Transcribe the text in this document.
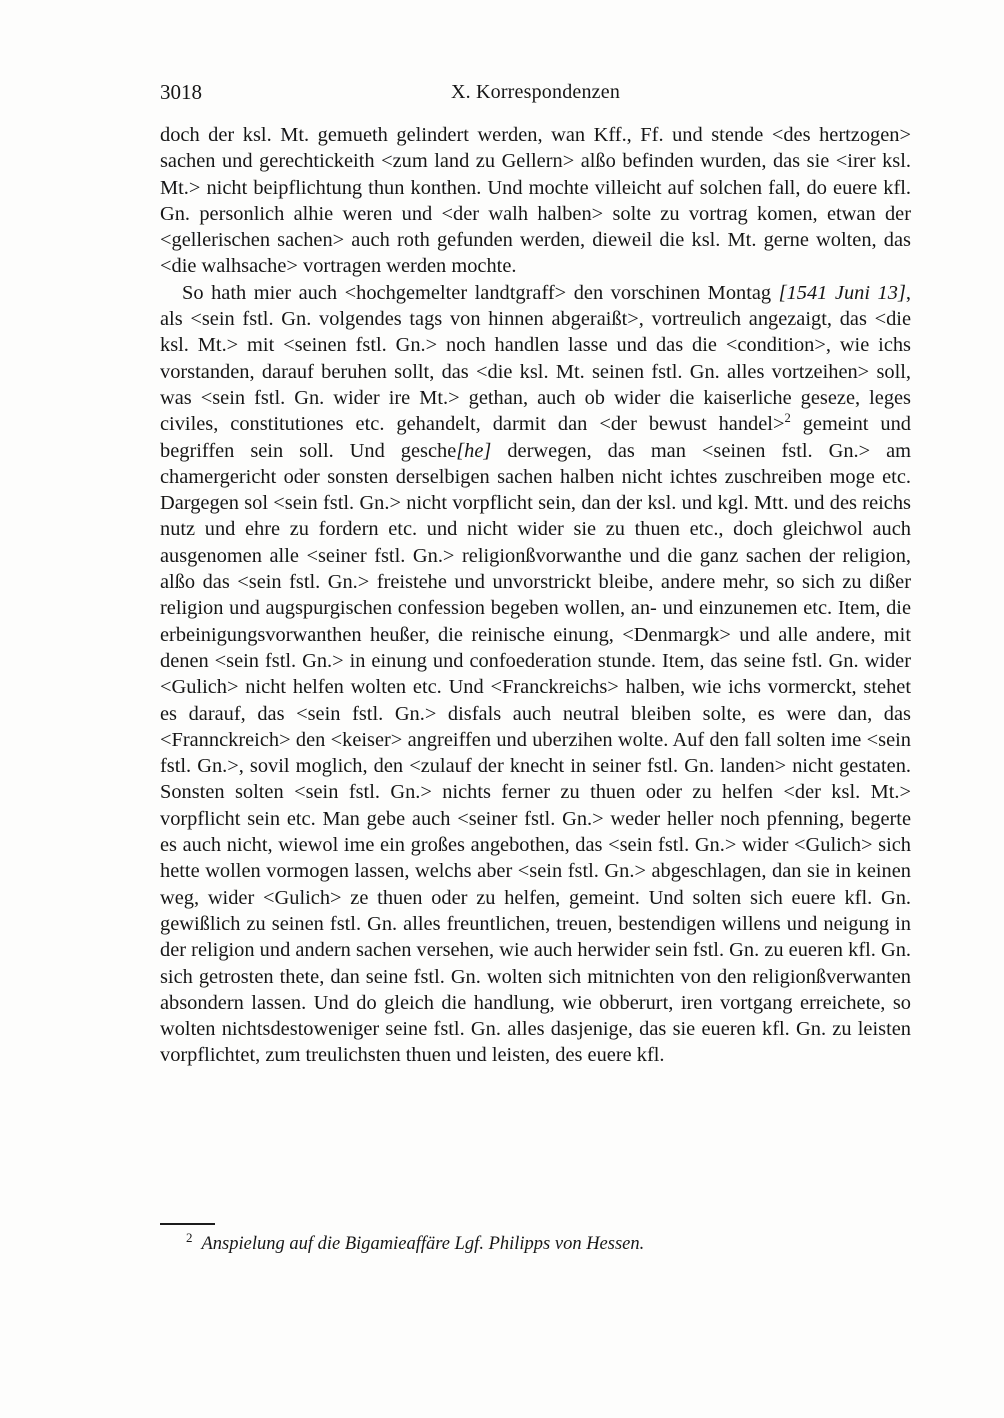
3018	X. Korrespondenzen

doch der ksl. Mt. gemueth gelindert werden, wan Kff., Ff. und stende <des hertzogen> sachen und gerechtickeith <zum land zu Gellern> alßo befinden wurden, das sie <irer ksl. Mt.> nicht beipflichtung thun konthen. Und mochte villeicht auf solchen fall, do euere kfl. Gn. personlich alhie weren und <der walh halben> solte zu vortrag komen, etwan der <gellerischen sachen> auch roth gefunden werden, dieweil die ksl. Mt. gerne wolten, das <die walhsache> vortragen werden mochte.

So hath mier auch <hochgemelter landtgraff> den vorschinen Montag [1541 Juni 13], als <sein fstl. Gn. volgendes tags von hinnen abgeraißt>, vortreulich angezaigt, das <die ksl. Mt.> mit <seinen fstl. Gn.> noch handlen lasse und das die <condition>, wie ichs vorstanden, darauf beruhen sollt, das <die ksl. Mt. seinen fstl. Gn. alles vortzeihen> soll, was <sein fstl. Gn. wider ire Mt.> gethan, auch ob wider die kaiserliche geseze, leges civiles, constitutiones etc. gehandelt, darmit dan <der bewust handel>$^2$ gemeint und begriffen sein soll. Und gesche[he] derwegen, das man <seinen fstl. Gn.> am chamergericht oder sonsten derselbigen sachen halben nicht ichtes zuschreiben moge etc. Dargegen sol <sein fstl. Gn.> nicht vorpflicht sein, dan der ksl. und kgl. Mtt. und des reichs nutz und ehre zu fordern etc. und nicht wider sie zu thuen etc., doch gleichwol auch ausgenomen alle <seiner fstl. Gn.> religionßvorwanthe und die ganz sachen der religion, alßo das <sein fstl. Gn.> freistehe und unvorstrickt bleibe, andere mehr, so sich zu dißer religion und augspurgischen confession begeben wollen, an- und einzunemen etc. Item, die erbeinigungsvorwanthen heußer, die reinische einung, <Denmargk> und alle andere, mit denen <sein fstl. Gn.> in einung und confoederation stunde. Item, das seine fstl. Gn. wider <Gulich> nicht helfen wolten etc. Und <Franckreichs> halben, wie ichs vormerckt, stehet es darauf, das <sein fstl. Gn.> disfals auch neutral bleiben solte, es were dan, das <Frannckreich> den <keiser> angreiffen und uberzihen wolte. Auf den fall solten ime <sein fstl. Gn.>, sovil moglich, den <zulauf der knecht in seiner fstl. Gn. landen> nicht gestaten. Sonsten solten <sein fstl. Gn.> nichts ferner zu thuen oder zu helfen <der ksl. Mt.> vorpflicht sein etc. Man gebe auch <seiner fstl. Gn.> weder heller noch pfenning, begerte es auch nicht, wiewol ime ein großes angebothen, das <sein fstl. Gn.> wider <Gulich> sich hette wollen vormogen lassen, welchs aber <sein fstl. Gn.> abgeschlagen, dan sie in keinen weg, wider <Gulich> ze thuen oder zu helfen, gemeint. Und solten sich euere kfl. Gn. gewißlich zu seinen fstl. Gn. alles freuntlichen, treuen, bestendigen willens und neigung in der religion und andern sachen versehen, wie auch herwider sein fstl. Gn. zu eueren kfl. Gn. sich getrosten thete, dan seine fstl. Gn. wolten sich mitnichten von den religionßverwanten absondern lassen. Und do gleich die handlung, wie obberurt, iren vortgang erreichete, so wolten nichtsdestoweniger seine fstl. Gn. alles dasjenige, das sie eueren kfl. Gn. zu leisten vorpflichtet, zum treulichsten thuen und leisten, des euere kfl.

$^2$ Anspielung auf die Bigamieaffäre Lgf. Philipps von Hessen.
